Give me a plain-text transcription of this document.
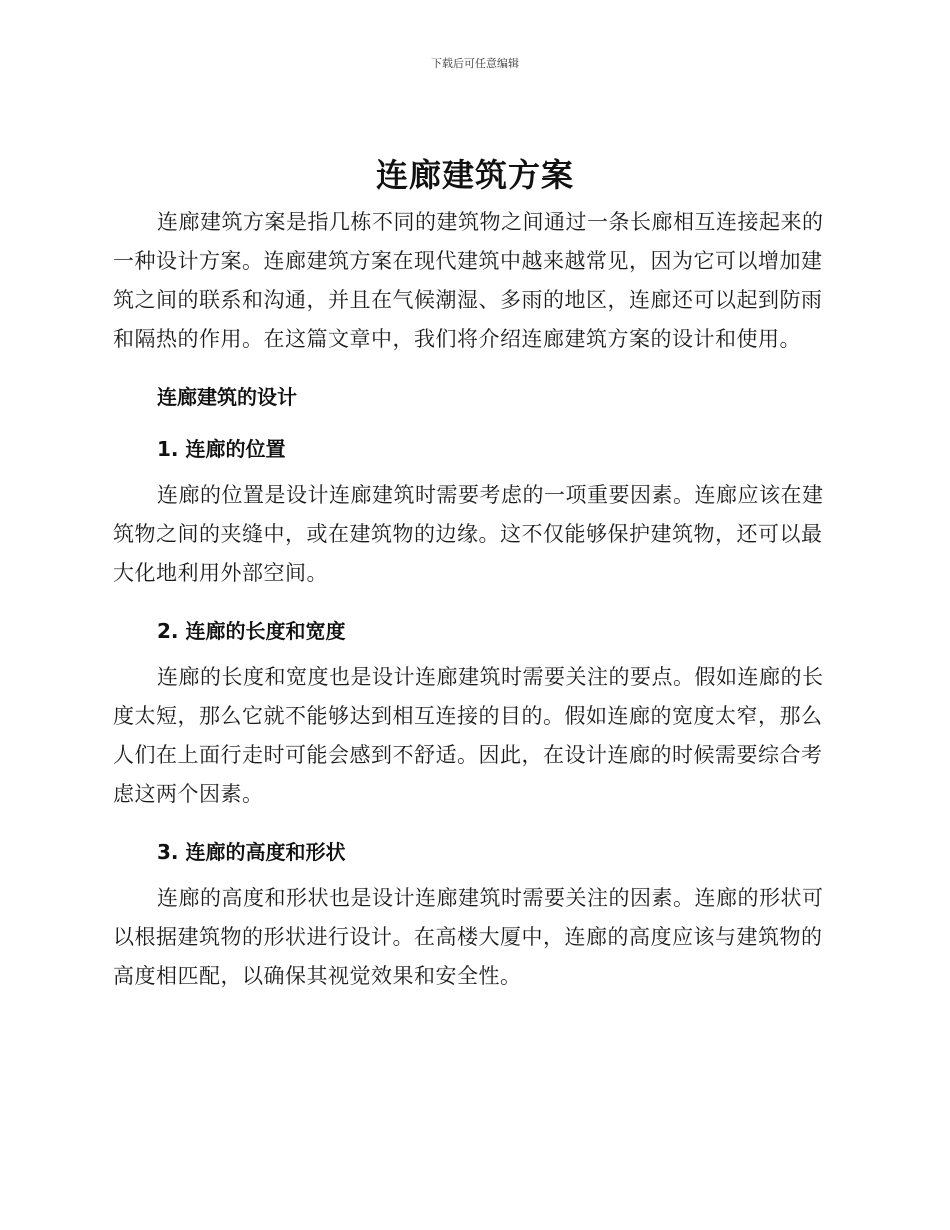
下载后可任意编辑
连廊建筑方案

连廊建筑方案是指几栋不同的建筑物之间通过一条长廊相互连接起来的一种设计方案。连廊建筑方案在现代建筑中越来越常见，因为它可以增加建筑之间的联系和沟通，并且在气候潮湿、多雨的地区，连廊还可以起到防雨和隔热的作用。在这篇文章中，我们将介绍连廊建筑方案的设计和使用。

连廊建筑的设计

1. 连廊的位置

连廊的位置是设计连廊建筑时需要考虑的一项重要因素。连廊应该在建筑物之间的夹缝中，或在建筑物的边缘。这不仅能够保护建筑物，还可以最大化地利用外部空间。

2. 连廊的长度和宽度

连廊的长度和宽度也是设计连廊建筑时需要关注的要点。假如连廊的长度太短，那么它就不能够达到相互连接的目的。假如连廊的宽度太窄，那么人们在上面行走时可能会感到不舒适。因此，在设计连廊的时候需要综合考虑这两个因素。

3. 连廊的高度和形状

连廊的高度和形状也是设计连廊建筑时需要关注的因素。连廊的形状可以根据建筑物的形状进行设计。在高楼大厦中，连廊的高度应该与建筑物的高度相匹配，以确保其视觉效果和安全性。
